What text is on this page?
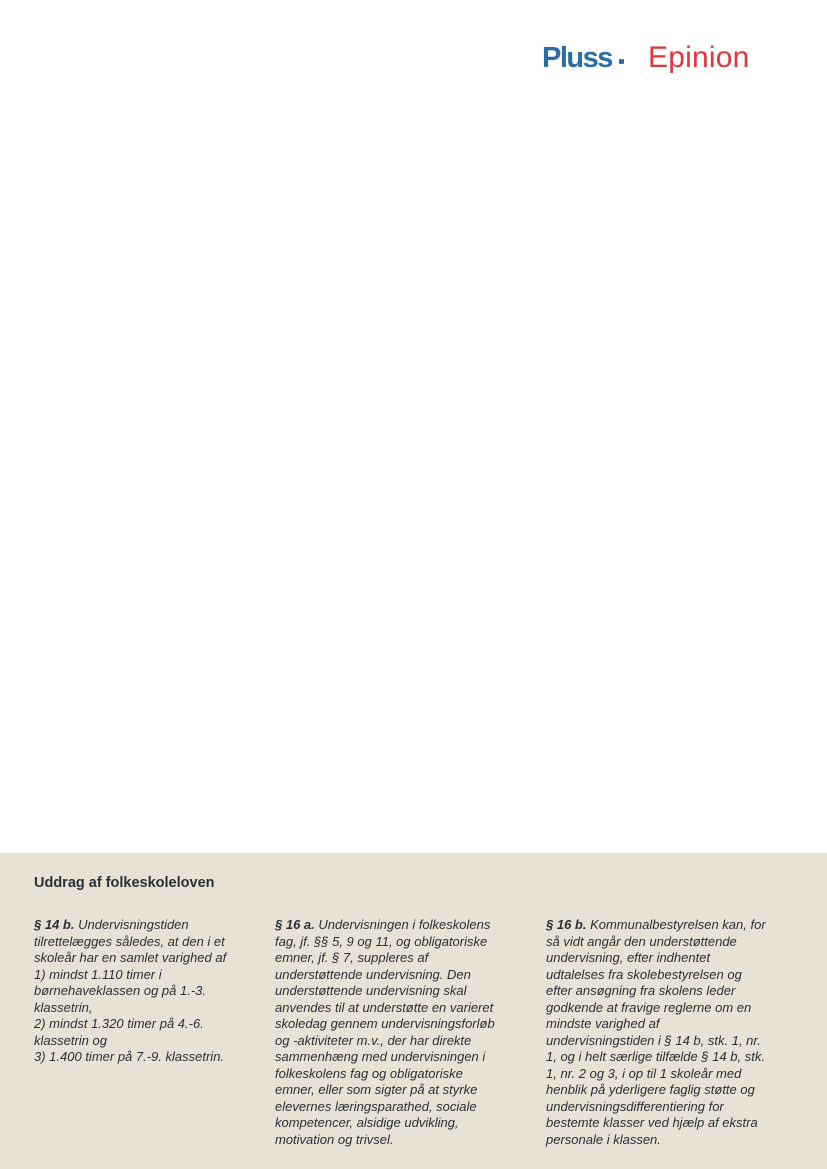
Pluss Epinion
Uddrag af folkeskoleloven
§ 14 b. Undervisningstiden
tilrettelægges således, at den i et
skoleår har en samlet varighed af
1) mindst 1.110 timer i
børnehaveklassen og på 1.-3.
klassetrin,
2) mindst 1.320 timer på 4.-6.
klassetrin og
3) 1.400 timer på 7.-9. klassetrin.
§ 16 a. Undervisningen i folkeskolens
fag, jf. §§ 5, 9 og 11, og obligatoriske
emner, jf. § 7, suppleres af
understøttende undervisning. Den
understøttende undervisning skal
anvendes til at understøtte en varieret
skoledag gennem undervisningsforløb
og -aktiviteter m.v., der har direkte
sammenhæng med undervisningen i
folkeskolens fag og obligatoriske
emner, eller som sigter på at styrke
elevernes læringsparathed, sociale
kompetencer, alsidige udvikling,
motivation og trivsel.
§ 16 b. Kommunalbestyrelsen kan, for
så vidt angår den understøttende
undervisning, efter indhentet
udtalelses fra skolebestyrelsen og
efter ansøgning fra skolens leder
godkende at fravige reglerne om en
mindste varighed af
undervisningstiden i § 14 b, stk. 1, nr.
1, og i helt særlige tilfælde § 14 b, stk.
1, nr. 2 og 3, i op til 1 skoleår med
henblik på yderligere faglig støtte og
undervisningsdifferentiering for
bestemte klasser ved hjælp af ekstra
personale i klassen.
